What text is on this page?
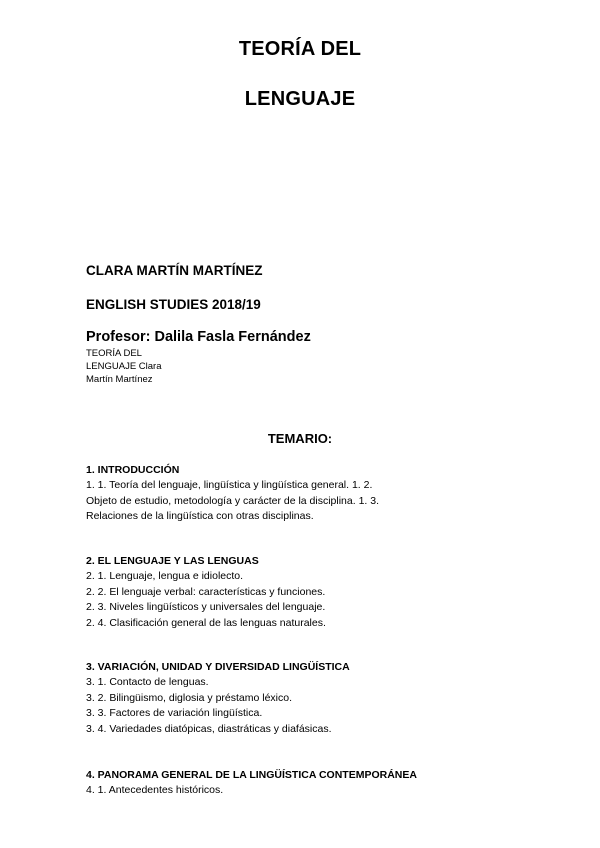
TEORÍA DEL
LENGUAJE
CLARA MARTÍN MARTÍNEZ
ENGLISH STUDIES 2018/19
Profesor: Dalila Fasla Fernández
TEORÍA DEL
LENGUAJE Clara
Martín Martínez
TEMARIO:
1. INTRODUCCIÓN
1. 1. Teoría del lenguaje, lingüística y lingüística general. 1. 2.
Objeto de estudio, metodología y carácter de la disciplina. 1. 3.
Relaciones de la lingüística con otras disciplinas.
2. EL LENGUAJE Y LAS LENGUAS
2. 1. Lenguaje, lengua e idiolecto.
2. 2. El lenguaje verbal: características y funciones.
2. 3. Niveles lingüísticos y universales del lenguaje.
2. 4. Clasificación general de las lenguas naturales.
3. VARIACIÓN, UNIDAD Y DIVERSIDAD LINGÜÍSTICA
3. 1. Contacto de lenguas.
3. 2. Bilingüismo, diglosia y préstamo léxico.
3. 3. Factores de variación lingüística.
3. 4. Variedades diatópicas, diastráticas y diafásicas.
4. PANORAMA GENERAL DE LA LINGÜÍSTICA CONTEMPORÁNEA
4. 1. Antecedentes históricos.
